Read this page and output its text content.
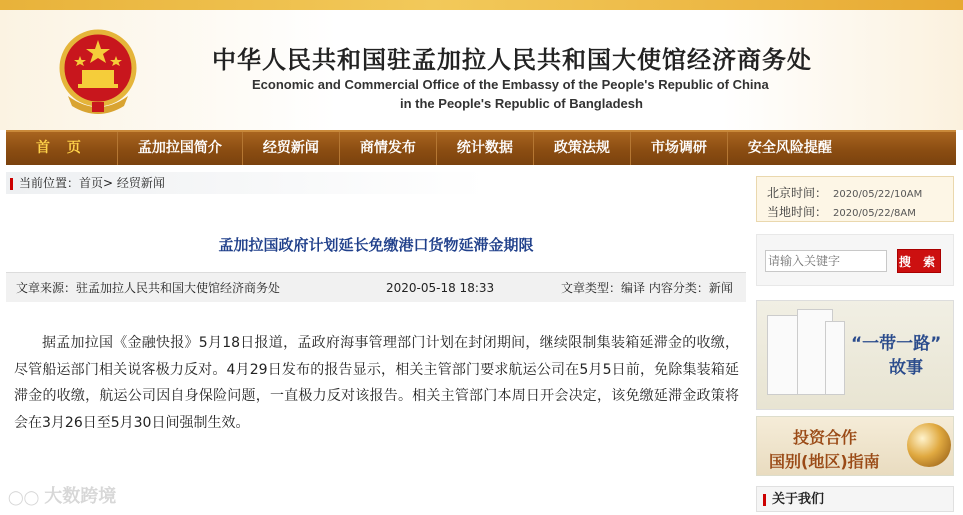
中华人民共和国驻孟加拉人民共和国大使馆经济商务处
Economic and Commercial Office of the Embassy of the People's Republic of China
in the People's Republic of Bangladesh
首 页	孟加拉国简介	经贸新闻	商情发布	统计数据	政策法规	市场调研	安全风险提醒
当前位置：首页> 经贸新闻
孟加拉国政府计划延长免缴港口货物延滞金期限
文章来源：驻孟加拉人民共和国大使馆经济商务处	2020-05-18 18:33	文章类型：编译 内容分类：新闻
据孟加拉国《金融快报》5月18日报道，孟政府海事管理部门计划在封闭期间，继续限制集装箱延滞金的收缴，尽管船运部门相关说客极力反对。4月29日发布的报告显示，相关主管部门要求航运公司在5月5日前，免除集装箱延滞金的收缴，航运公司因自身保险问题，一直极力反对该报告。相关主管部门本周日开会决定，该免缴延滞金政策将会在3月26日至5月30日间强制生效。
◯◯ 大数跨境
北京时间： 2020/05/22/10AM
当地时间： 2020/05/22/8AM
请输入关键字
搜 索
“一带一路”
故事
投资合作
国别(地区)指南
关于我们
